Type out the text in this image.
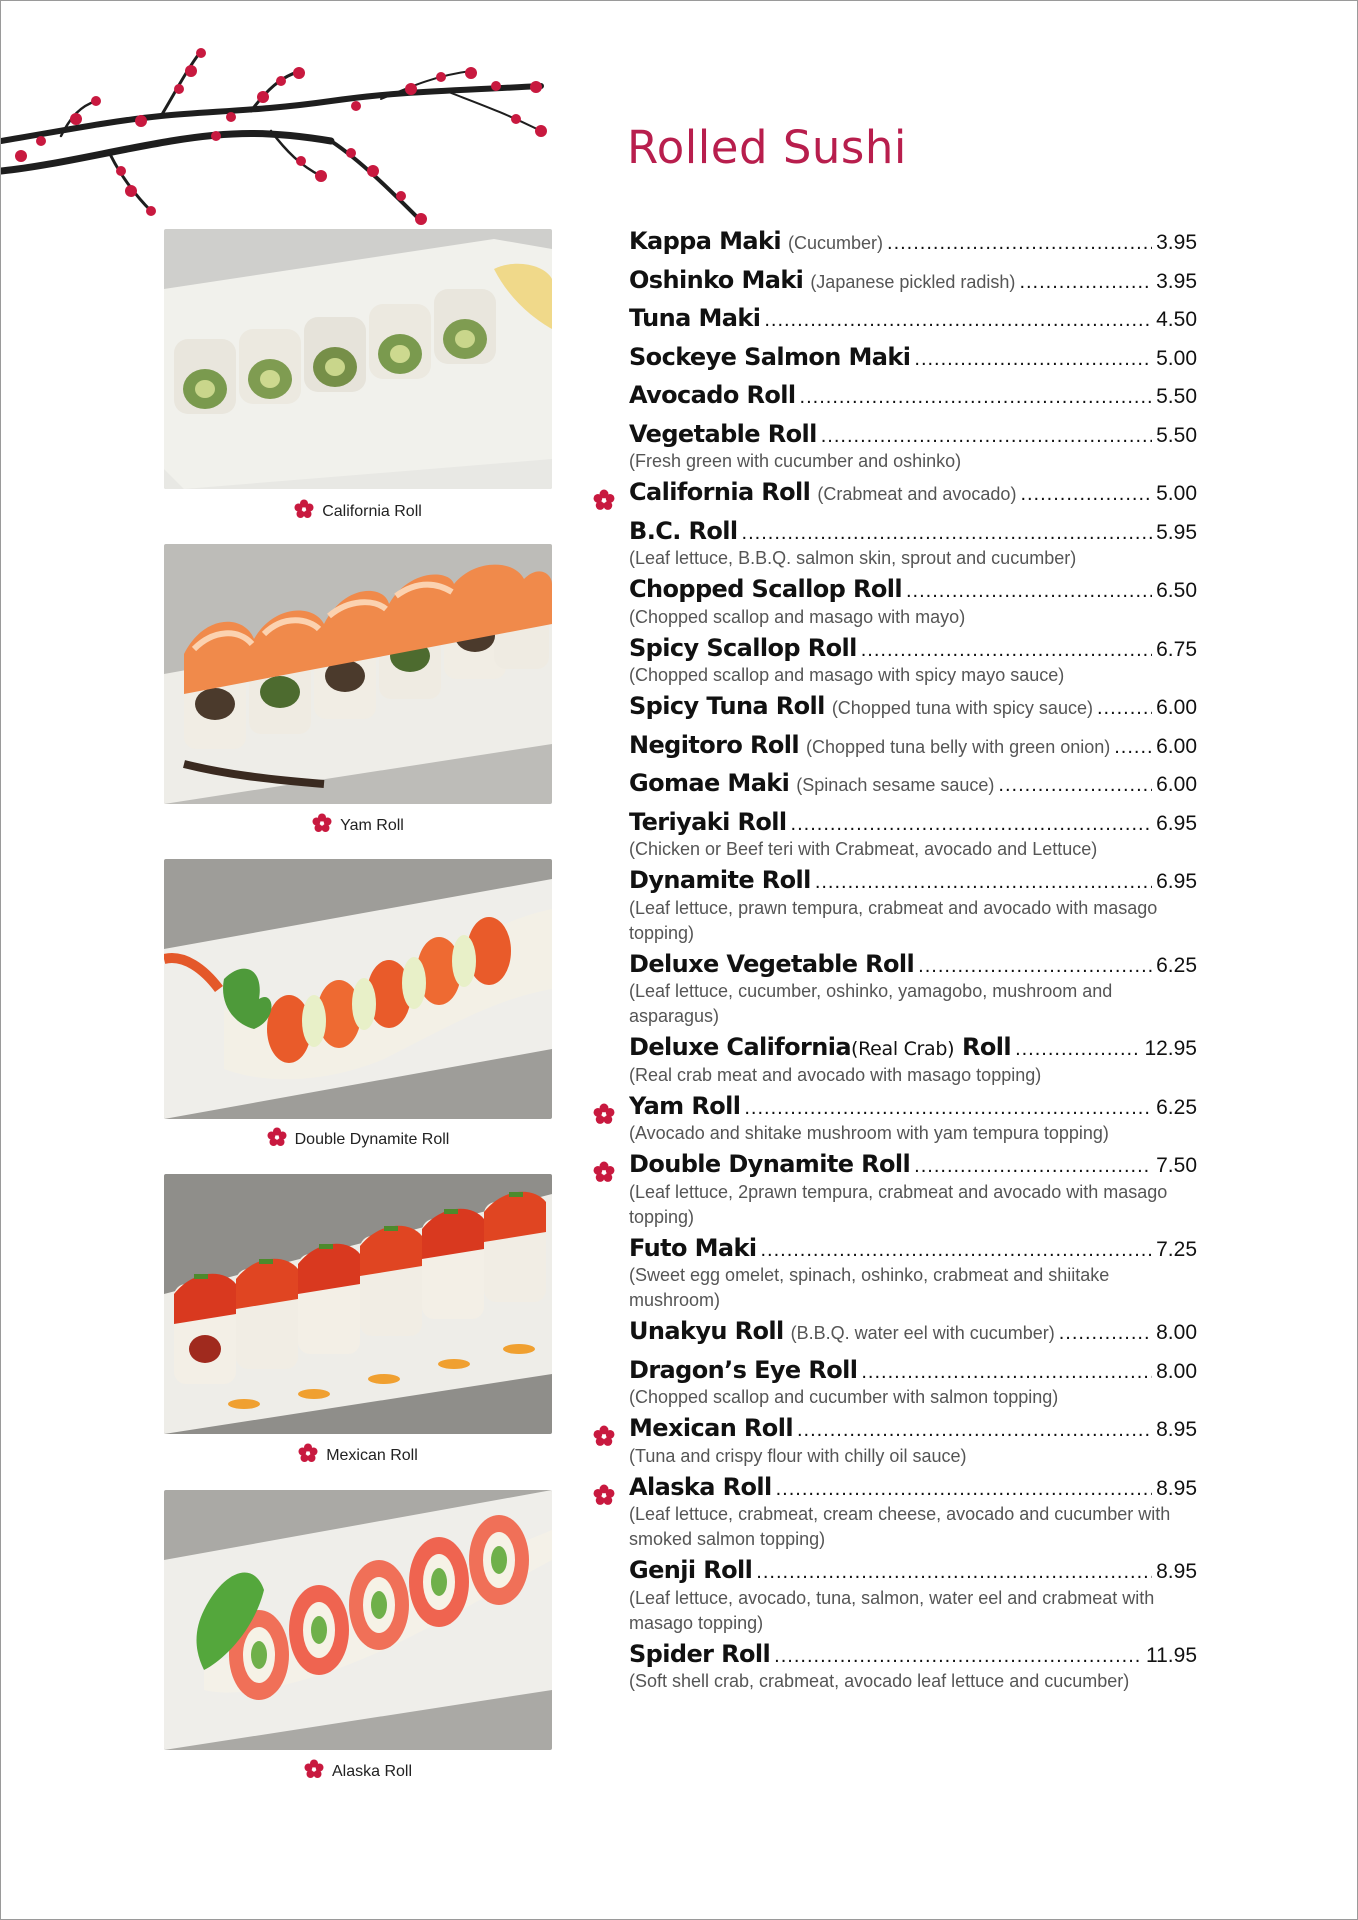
Rolled Sushi
California Roll
Yam Roll
Double Dynamite Roll
Mexican Roll
Alaska Roll
Kappa Maki (Cucumber) .....	3.95
Oshinko Maki (Japanese pickled radish) .....	3.95
Tuna Maki .....	4.50
Sockeye Salmon Maki .....	5.00
Avocado Roll .....	5.50
Vegetable Roll .....	5.50
(Fresh green with cucumber and oshinko)
California Roll (Crabmeat and avocado) .....	5.00
B.C. Roll .....	5.95
(Leaf lettuce, B.B.Q. salmon skin, sprout and cucumber)
Chopped Scallop Roll .....	6.50
(Chopped scallop and masago with mayo)
Spicy Scallop Roll .....	6.75
(Chopped scallop and masago with spicy mayo sauce)
Spicy Tuna Roll (Chopped tuna with spicy sauce) .....	6.00
Negitoro Roll (Chopped tuna belly with green onion) ..... 6.00
Gomae Maki (Spinach sesame sauce) .....	6.00
Teriyaki Roll .....	6.95
(Chicken or Beef teri with Crabmeat, avocado and Lettuce)
Dynamite Roll .....	6.95
(Leaf lettuce, prawn tempura, crabmeat and avocado with masago topping)
Deluxe Vegetable Roll .....	6.25
(Leaf lettuce, cucumber, oshinko, yamagobo, mushroom and asparagus)
Deluxe California(Real Crab) Roll .....	12.95
(Real crab meat and avocado with masago topping)
Yam Roll .....	6.25
(Avocado and shitake mushroom with yam tempura topping)
Double Dynamite Roll .....	7.50
(Leaf lettuce, 2prawn tempura, crabmeat and avocado with masago topping)
Futo Maki .....	7.25
(Sweet egg omelet, spinach, oshinko, crabmeat and shiitake mushroom)
Unakyu Roll (B.B.Q. water eel with cucumber) .....	8.00
Dragon’s Eye Roll .....	8.00
(Chopped scallop and cucumber with salmon topping)
Mexican Roll .....	8.95
(Tuna and crispy flour with chilly oil sauce)
Alaska Roll .....	8.95
(Leaf lettuce, crabmeat, cream cheese, avocado and cucumber with smoked salmon topping)
Genji Roll .....	8.95
(Leaf lettuce, avocado, tuna, salmon, water eel and crabmeat with masago topping)
Spider Roll .....	11.95
(Soft shell crab, crabmeat, avocado leaf lettuce and cucumber)
